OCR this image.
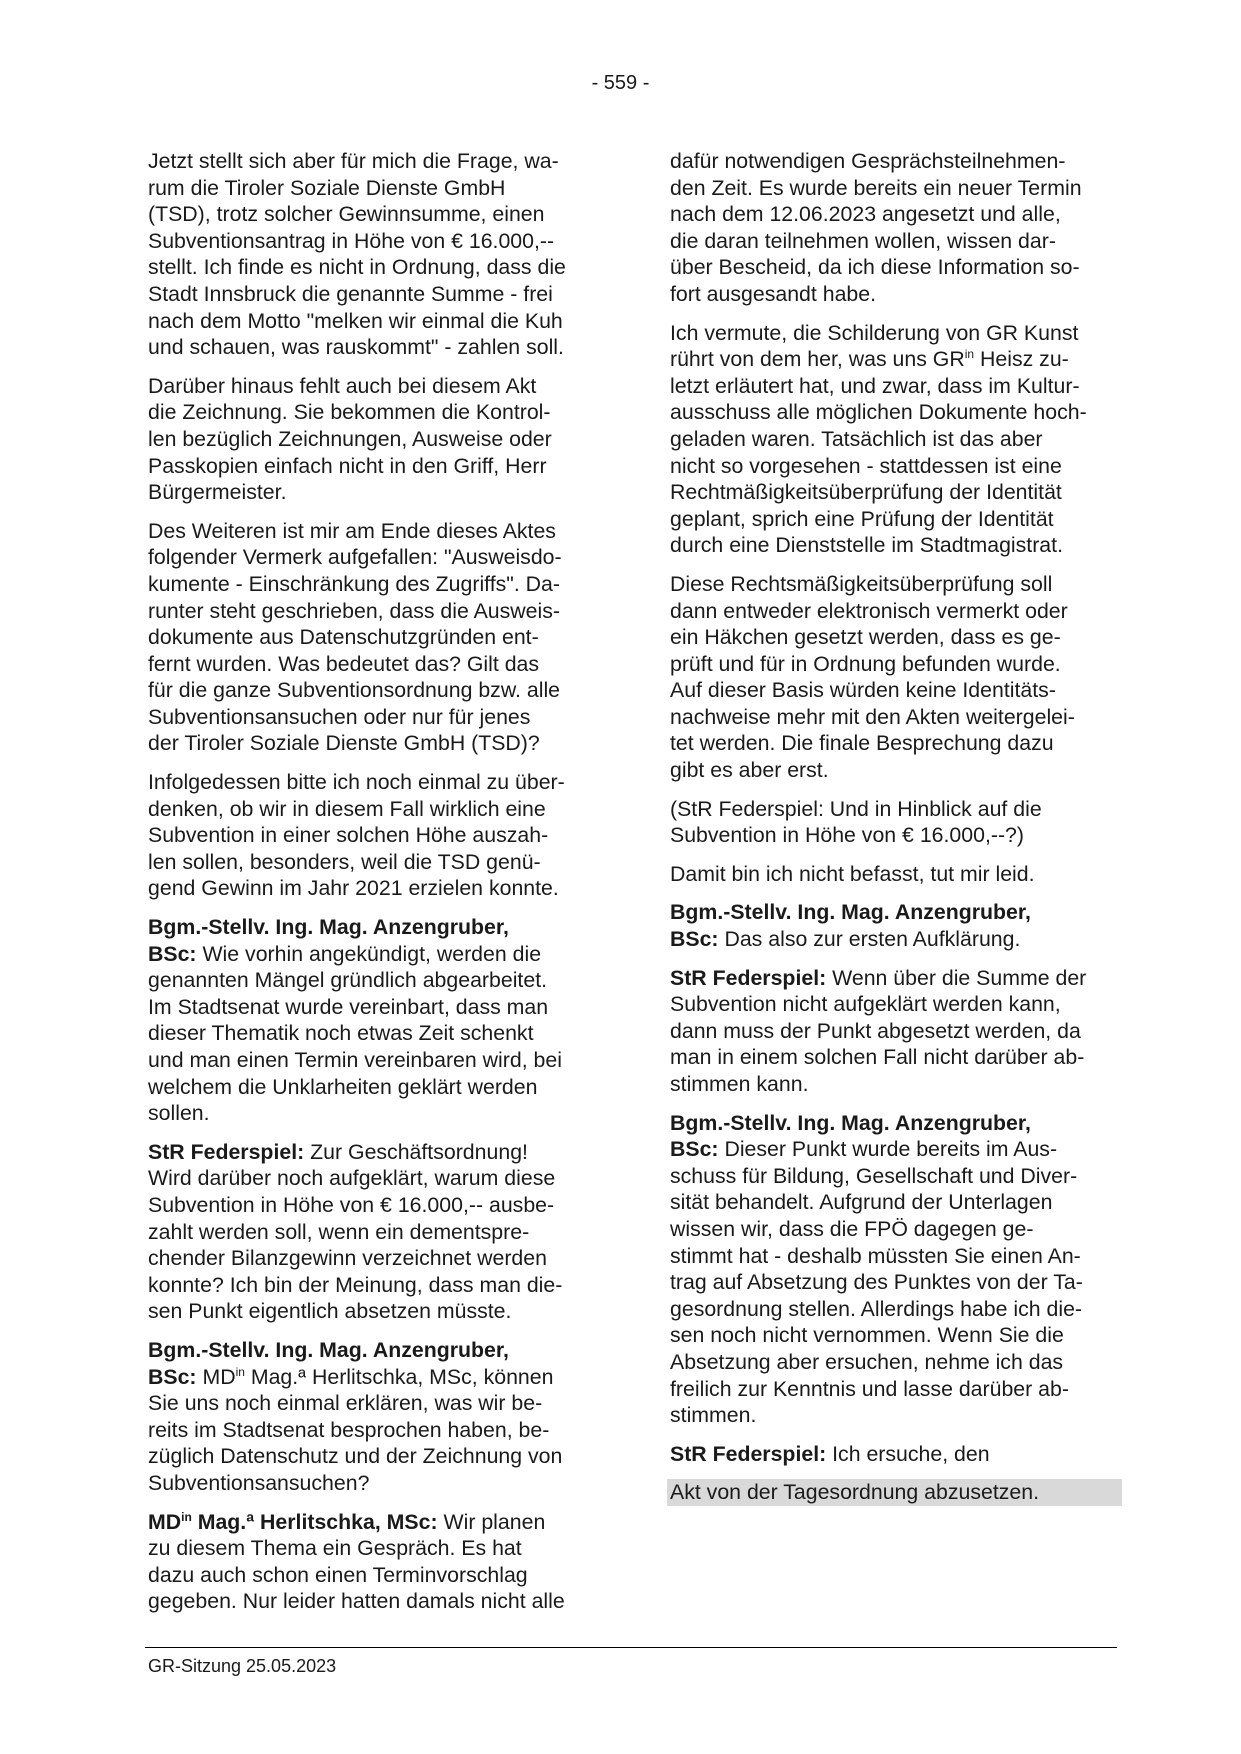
- 559 -
Jetzt stellt sich aber für mich die Frage, wa-
rum die Tiroler Soziale Dienste GmbH
(TSD), trotz solcher Gewinnsumme, einen
Subventionsantrag in Höhe von € 16.000,--
stellt. Ich finde es nicht in Ordnung, dass die
Stadt Innsbruck die genannte Summe - frei
nach dem Motto "melken wir einmal die Kuh
und schauen, was rauskommt" - zahlen soll.
Darüber hinaus fehlt auch bei diesem Akt
die Zeichnung. Sie bekommen die Kontrol-
len bezüglich Zeichnungen, Ausweise oder
Passkopien einfach nicht in den Griff, Herr
Bürgermeister.
Des Weiteren ist mir am Ende dieses Aktes
folgender Vermerk aufgefallen: "Ausweisdo-
kumente - Einschränkung des Zugriffs". Da-
runter steht geschrieben, dass die Ausweis-
dokumente aus Datenschutzgründen ent-
fernt wurden. Was bedeutet das? Gilt das
für die ganze Subventionsordnung bzw. alle
Subventionsansuchen oder nur für jenes
der Tiroler Soziale Dienste GmbH (TSD)?
Infolgedessen bitte ich noch einmal zu über-
denken, ob wir in diesem Fall wirklich eine
Subvention in einer solchen Höhe auszah-
len sollen, besonders, weil die TSD genü-
gend Gewinn im Jahr 2021 erzielen konnte.
Bgm.-Stellv. Ing. Mag. Anzengruber,
BSc: Wie vorhin angekündigt, werden die
genannten Mängel gründlich abgearbeitet.
Im Stadtsenat wurde vereinbart, dass man
dieser Thematik noch etwas Zeit schenkt
und man einen Termin vereinbaren wird, bei
welchem die Unklarheiten geklärt werden
sollen.
StR Federspiel: Zur Geschäftsordnung!
Wird darüber noch aufgeklärt, warum diese
Subvention in Höhe von € 16.000,-- ausbe-
zahlt werden soll, wenn ein dementspre-
chender Bilanzgewinn verzeichnet werden
konnte? Ich bin der Meinung, dass man die-
sen Punkt eigentlich absetzen müsste.
Bgm.-Stellv. Ing. Mag. Anzengruber,
BSc: $MD^{in}$ Mag.ª Herlitschka, MSc, können
Sie uns noch einmal erklären, was wir be-
reits im Stadtsenat besprochen haben, be-
züglich Datenschutz und der Zeichnung von
Subventionsansuchen?
$MD^{in}$ Mag.ª Herlitschka, MSc: Wir planen
zu diesem Thema ein Gespräch. Es hat
dazu auch schon einen Terminvorschlag
gegeben. Nur leider hatten damals nicht alle
dafür notwendigen Gesprächsteilnehmen-
den Zeit. Es wurde bereits ein neuer Termin
nach dem 12.06.2023 angesetzt und alle,
die daran teilnehmen wollen, wissen dar-
über Bescheid, da ich diese Information so-
fort ausgesandt habe.
Ich vermute, die Schilderung von GR Kunst
rührt von dem her, was uns $GR^{in}$ Heisz zu-
letzt erläutert hat, und zwar, dass im Kultur-
ausschuss alle möglichen Dokumente hoch-
geladen waren. Tatsächlich ist das aber
nicht so vorgesehen - stattdessen ist eine
Rechtmäßigkeitsüberprüfung der Identität
geplant, sprich eine Prüfung der Identität
durch eine Dienststelle im Stadtmagistrat.
Diese Rechtsmäßigkeitsüberprüfung soll
dann entweder elektronisch vermerkt oder
ein Häkchen gesetzt werden, dass es ge-
prüft und für in Ordnung befunden wurde.
Auf dieser Basis würden keine Identitäts-
nachweise mehr mit den Akten weitergelei-
tet werden. Die finale Besprechung dazu
gibt es aber erst.
(StR Federspiel: Und in Hinblick auf die
Subvention in Höhe von € 16.000,--?)
Damit bin ich nicht befasst, tut mir leid.
Bgm.-Stellv. Ing. Mag. Anzengruber,
BSc: Das also zur ersten Aufklärung.
StR Federspiel: Wenn über die Summe der
Subvention nicht aufgeklärt werden kann,
dann muss der Punkt abgesetzt werden, da
man in einem solchen Fall nicht darüber ab-
stimmen kann.
Bgm.-Stellv. Ing. Mag. Anzengruber,
BSc: Dieser Punkt wurde bereits im Aus-
schuss für Bildung, Gesellschaft und Diver-
sität behandelt. Aufgrund der Unterlagen
wissen wir, dass die FPÖ dagegen ge-
stimmt hat - deshalb müssten Sie einen An-
trag auf Absetzung des Punktes von der Ta-
gesordnung stellen. Allerdings habe ich die-
sen noch nicht vernommen. Wenn Sie die
Absetzung aber ersuchen, nehme ich das
freilich zur Kenntnis und lasse darüber ab-
stimmen.
StR Federspiel: Ich ersuche, den
Akt von der Tagesordnung abzusetzen.
GR-Sitzung 25.05.2023
